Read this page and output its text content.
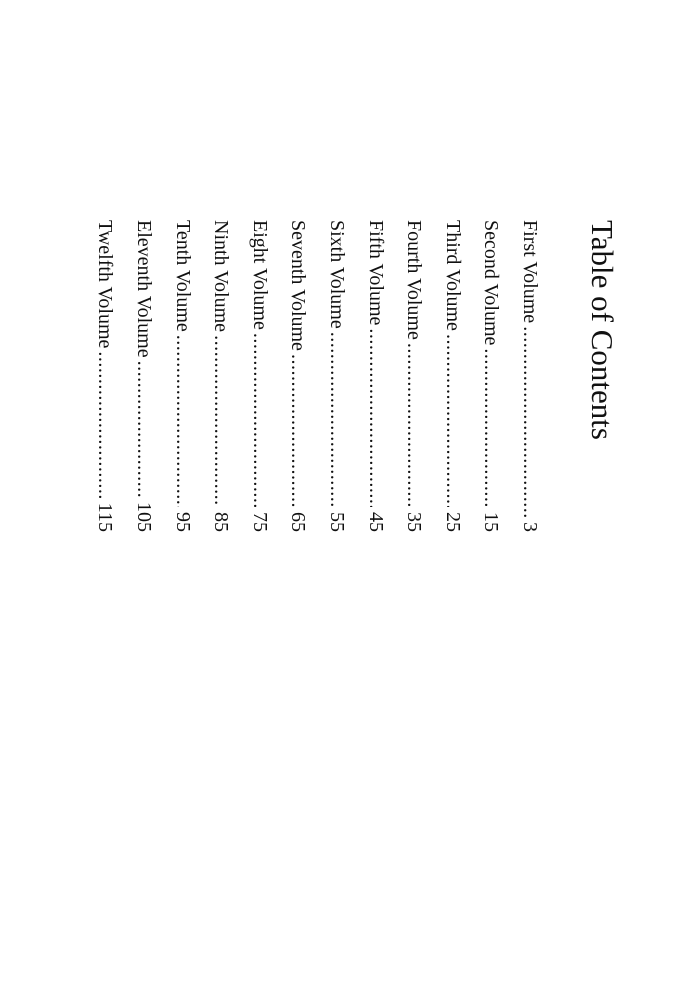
Table of Contents
First Volume
.....
3
Second Volume
.....
15
Third Volume
.....
25
Fourth Volume
.....
35
Fifth Volume
.....
45
Sixth Volume
.....
55
Seventh Volume
.....
65
Eight Volume
.....
75
Ninth Volume
.....
85
Tenth Volume
.....
95
Eleventh Volume
.....
105
Twelfth Volume
.....
115
